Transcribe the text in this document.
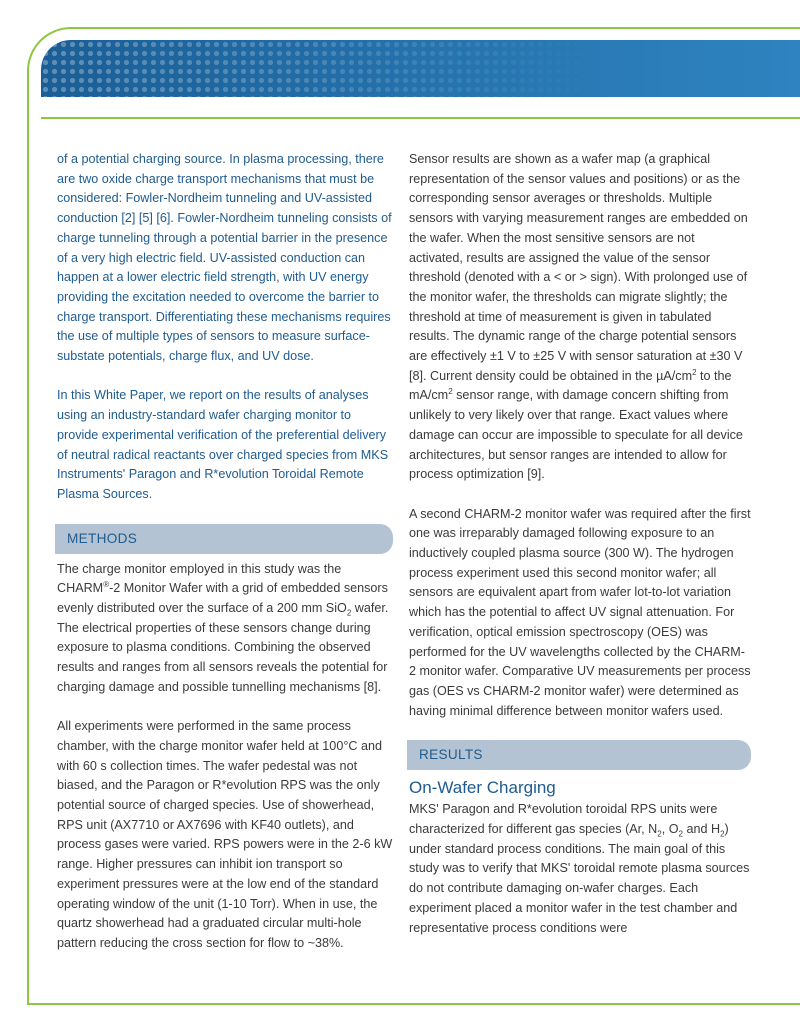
of a potential charging source. In plasma processing, there are two oxide charge transport mechanisms that must be considered: Fowler-Nordheim tunneling and UV-assisted conduction [2] [5] [6]. Fowler-Nordheim tunneling consists of charge tunneling through a potential barrier in the presence of a very high electric field. UV-assisted conduction can happen at a lower electric field strength, with UV energy providing the excitation needed to overcome the barrier to charge transport. Differentiating these mechanisms requires the use of multiple types of sensors to measure surface-substate potentials, charge flux, and UV dose.

In this White Paper, we report on the results of analyses using an industry-standard wafer charging monitor to provide experimental verification of the preferential delivery of neutral radical reactants over charged species from MKS Instruments' Paragon and R*evolution Toroidal Remote Plasma Sources.

METHODS

The charge monitor employed in this study was the CHARM®-2 Monitor Wafer with a grid of embedded sensors evenly distributed over the surface of a 200 mm SiO$_2$ wafer. The electrical properties of these sensors change during exposure to plasma conditions. Combining the observed results and ranges from all sensors reveals the potential for charging damage and possible tunnelling mechanisms [8].

All experiments were performed in the same process chamber, with the charge monitor wafer held at 100°C and with 60 s collection times. The wafer pedestal was not biased, and the Paragon or R*evolution RPS was the only potential source of charged species. Use of showerhead, RPS unit (AX7710 or AX7696 with KF40 outlets), and process gases were varied. RPS powers were in the 2-6 kW range. Higher pressures can inhibit ion transport so experiment pressures were at the low end of the standard operating window of the unit (1-10 Torr). When in use, the quartz showerhead had a graduated circular multi-hole pattern reducing the cross section for flow to ~38%.

Sensor results are shown as a wafer map (a graphical representation of the sensor values and positions) or as the corresponding sensor averages or thresholds. Multiple sensors with varying measurement ranges are embedded on the wafer. When the most sensitive sensors are not activated, results are assigned the value of the sensor threshold (denoted with a < or > sign). With prolonged use of the monitor wafer, the thresholds can migrate slightly; the threshold at time of measurement is given in tabulated results. The dynamic range of the charge potential sensors are effectively ±1 V to ±25 V with sensor saturation at ±30 V [8]. Current density could be obtained in the $\mu A/cm^2$ to the $mA/cm^2$ sensor range, with damage concern shifting from unlikely to very likely over that range. Exact values where damage can occur are impossible to speculate for all device architectures, but sensor ranges are intended to allow for process optimization [9].

A second CHARM-2 monitor wafer was required after the first one was irreparably damaged following exposure to an inductively coupled plasma source (300 W). The hydrogen process experiment used this second monitor wafer; all sensors are equivalent apart from wafer lot-to-lot variation which has the potential to affect UV signal attenuation. For verification, optical emission spectroscopy (OES) was performed for the UV wavelengths collected by the CHARM-2 monitor wafer. Comparative UV measurements per process gas (OES vs CHARM-2 monitor wafer) were determined as having minimal difference between monitor wafers used.

RESULTS
On-Wafer Charging

MKS' Paragon and R*evolution toroidal RPS units were characterized for different gas species (Ar, $N_2$, $O_2$ and $H_2$) under standard process conditions. The main goal of this study was to verify that MKS' toroidal remote plasma sources do not contribute damaging on-wafer charges. Each experiment placed a monitor wafer in the test chamber and representative process conditions were
